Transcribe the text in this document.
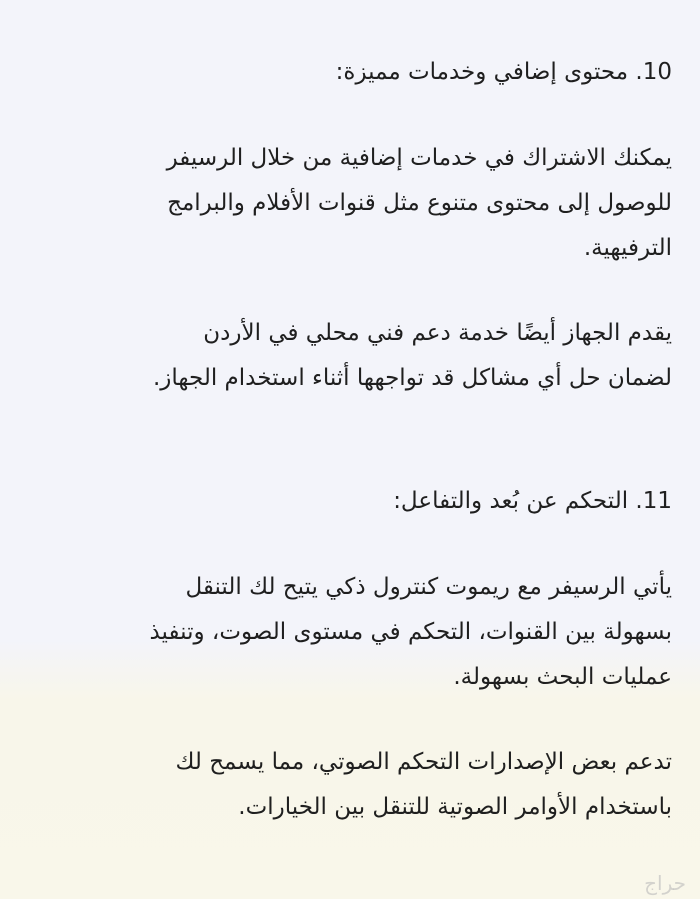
10. محتوى إضافي وخدمات مميزة:

يمكنك الاشتراك في خدمات إضافية من خلال الرسيفر
للوصول إلى محتوى متنوع مثل قنوات الأفلام والبرامج
الترفيهية.

يقدم الجهاز أيضًا خدمة دعم فني محلي في الأردن
لضمان حل أي مشاكل قد تواجهها أثناء استخدام الجهاز.

11. التحكم عن بُعد والتفاعل:

يأتي الرسيفر مع ريموت كنترول ذكي يتيح لك التنقل
بسهولة بين القنوات، التحكم في مستوى الصوت، وتنفيذ
عمليات البحث بسهولة.

تدعم بعض الإصدارات التحكم الصوتي، مما يسمح لك
باستخدام الأوامر الصوتية للتنقل بين الخيارات.

حراج
